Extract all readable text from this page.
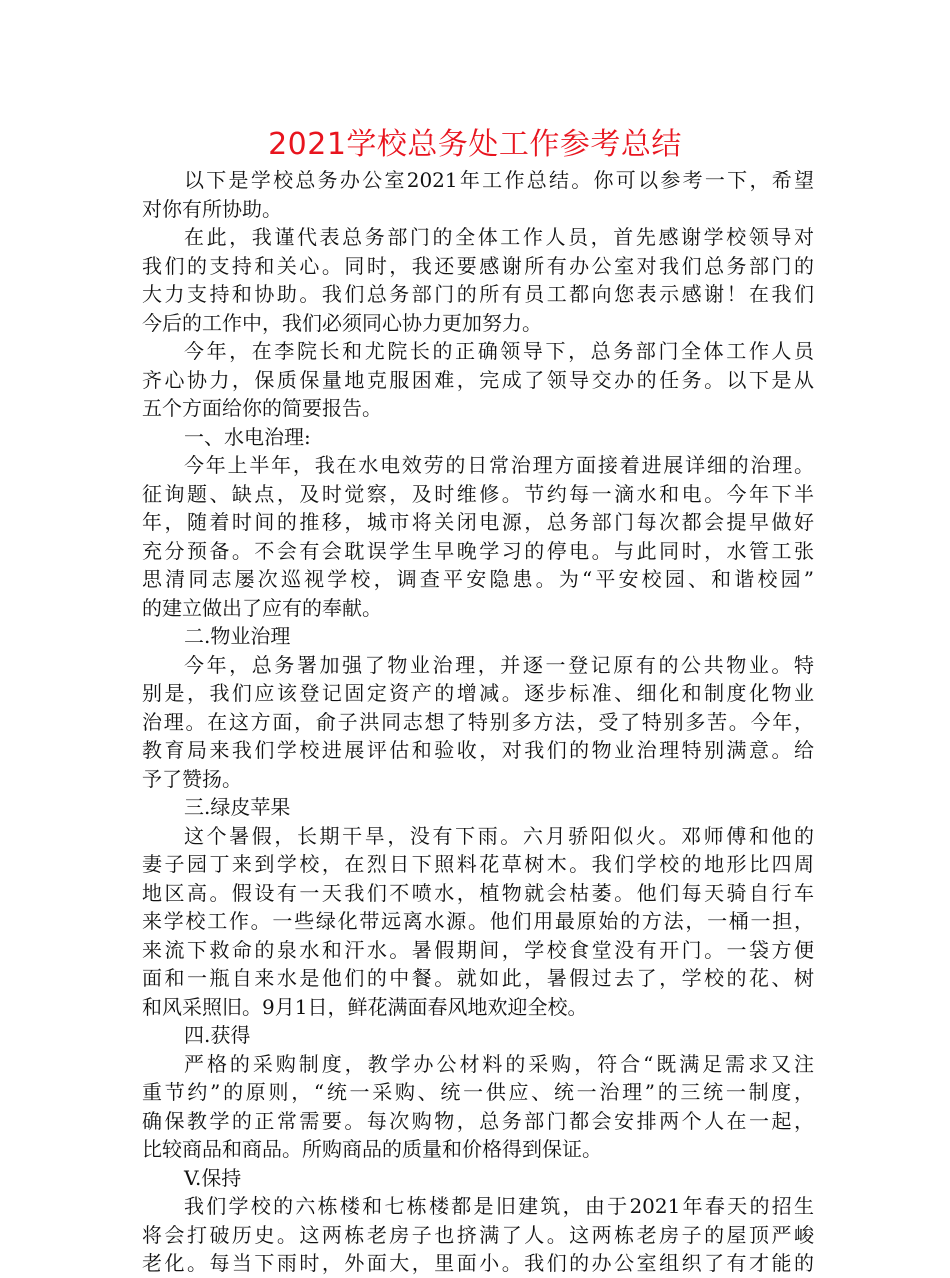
2021学校总务处工作参考总结
以下是学校总务办公室2021年工作总结。你可以参考一下，希望
对你有所协助。
在此，我谨代表总务部门的全体工作人员，首先感谢学校领导对
我们的支持和关心。同时，我还要感谢所有办公室对我们总务部门的
大力支持和协助。我们总务部门的所有员工都向您表示感谢！在我们
今后的工作中，我们必须同心协力更加努力。
今年，在李院长和尤院长的正确领导下，总务部门全体工作人员
齐心协力，保质保量地克服困难，完成了领导交办的任务。以下是从
五个方面给你的简要报告。
一、水电治理:
今年上半年，我在水电效劳的日常治理方面接着进展详细的治理。
征询题、缺点，及时觉察，及时维修。节约每一滴水和电。今年下半
年，随着时间的推移，城市将关闭电源，总务部门每次都会提早做好
充分预备。不会有会耽误学生早晚学习的停电。与此同时，水管工张
思清同志屡次巡视学校，调查平安隐患。为“平安校园、和谐校园”
的建立做出了应有的奉献。
二.物业治理
今年，总务署加强了物业治理，并逐一登记原有的公共物业。特
别是，我们应该登记固定资产的增减。逐步标准、细化和制度化物业
治理。在这方面，俞子洪同志想了特别多方法，受了特别多苦。今年，
教育局来我们学校进展评估和验收，对我们的物业治理特别满意。给
予了赞扬。
三.绿皮苹果
这个暑假，长期干旱，没有下雨。六月骄阳似火。邓师傅和他的
妻子园丁来到学校，在烈日下照料花草树木。我们学校的地形比四周
地区高。假设有一天我们不喷水，植物就会枯萎。他们每天骑自行车
来学校工作。一些绿化带远离水源。他们用最原始的方法，一桶一担，
来流下救命的泉水和汗水。暑假期间，学校食堂没有开门。一袋方便
面和一瓶自来水是他们的中餐。就如此，暑假过去了，学校的花、树
和风采照旧。9月1日，鲜花满面春风地欢迎全校。
四.获得
严格的采购制度，教学办公材料的采购，符合“既满足需求又注
重节约”的原则，“统一采购、统一供应、统一治理”的三统一制度，
确保教学的正常需要。每次购物，总务部门都会安排两个人在一起，
比较商品和商品。所购商品的质量和价格得到保证。
V.保持
我们学校的六栋楼和七栋楼都是旧建筑，由于2021年春天的招生
将会打破历史。这两栋老房子也挤满了人。这两栋老房子的屋顶严峻
老化。每当下雨时，外面大，里面小。我们的办公室组织了有才能的
